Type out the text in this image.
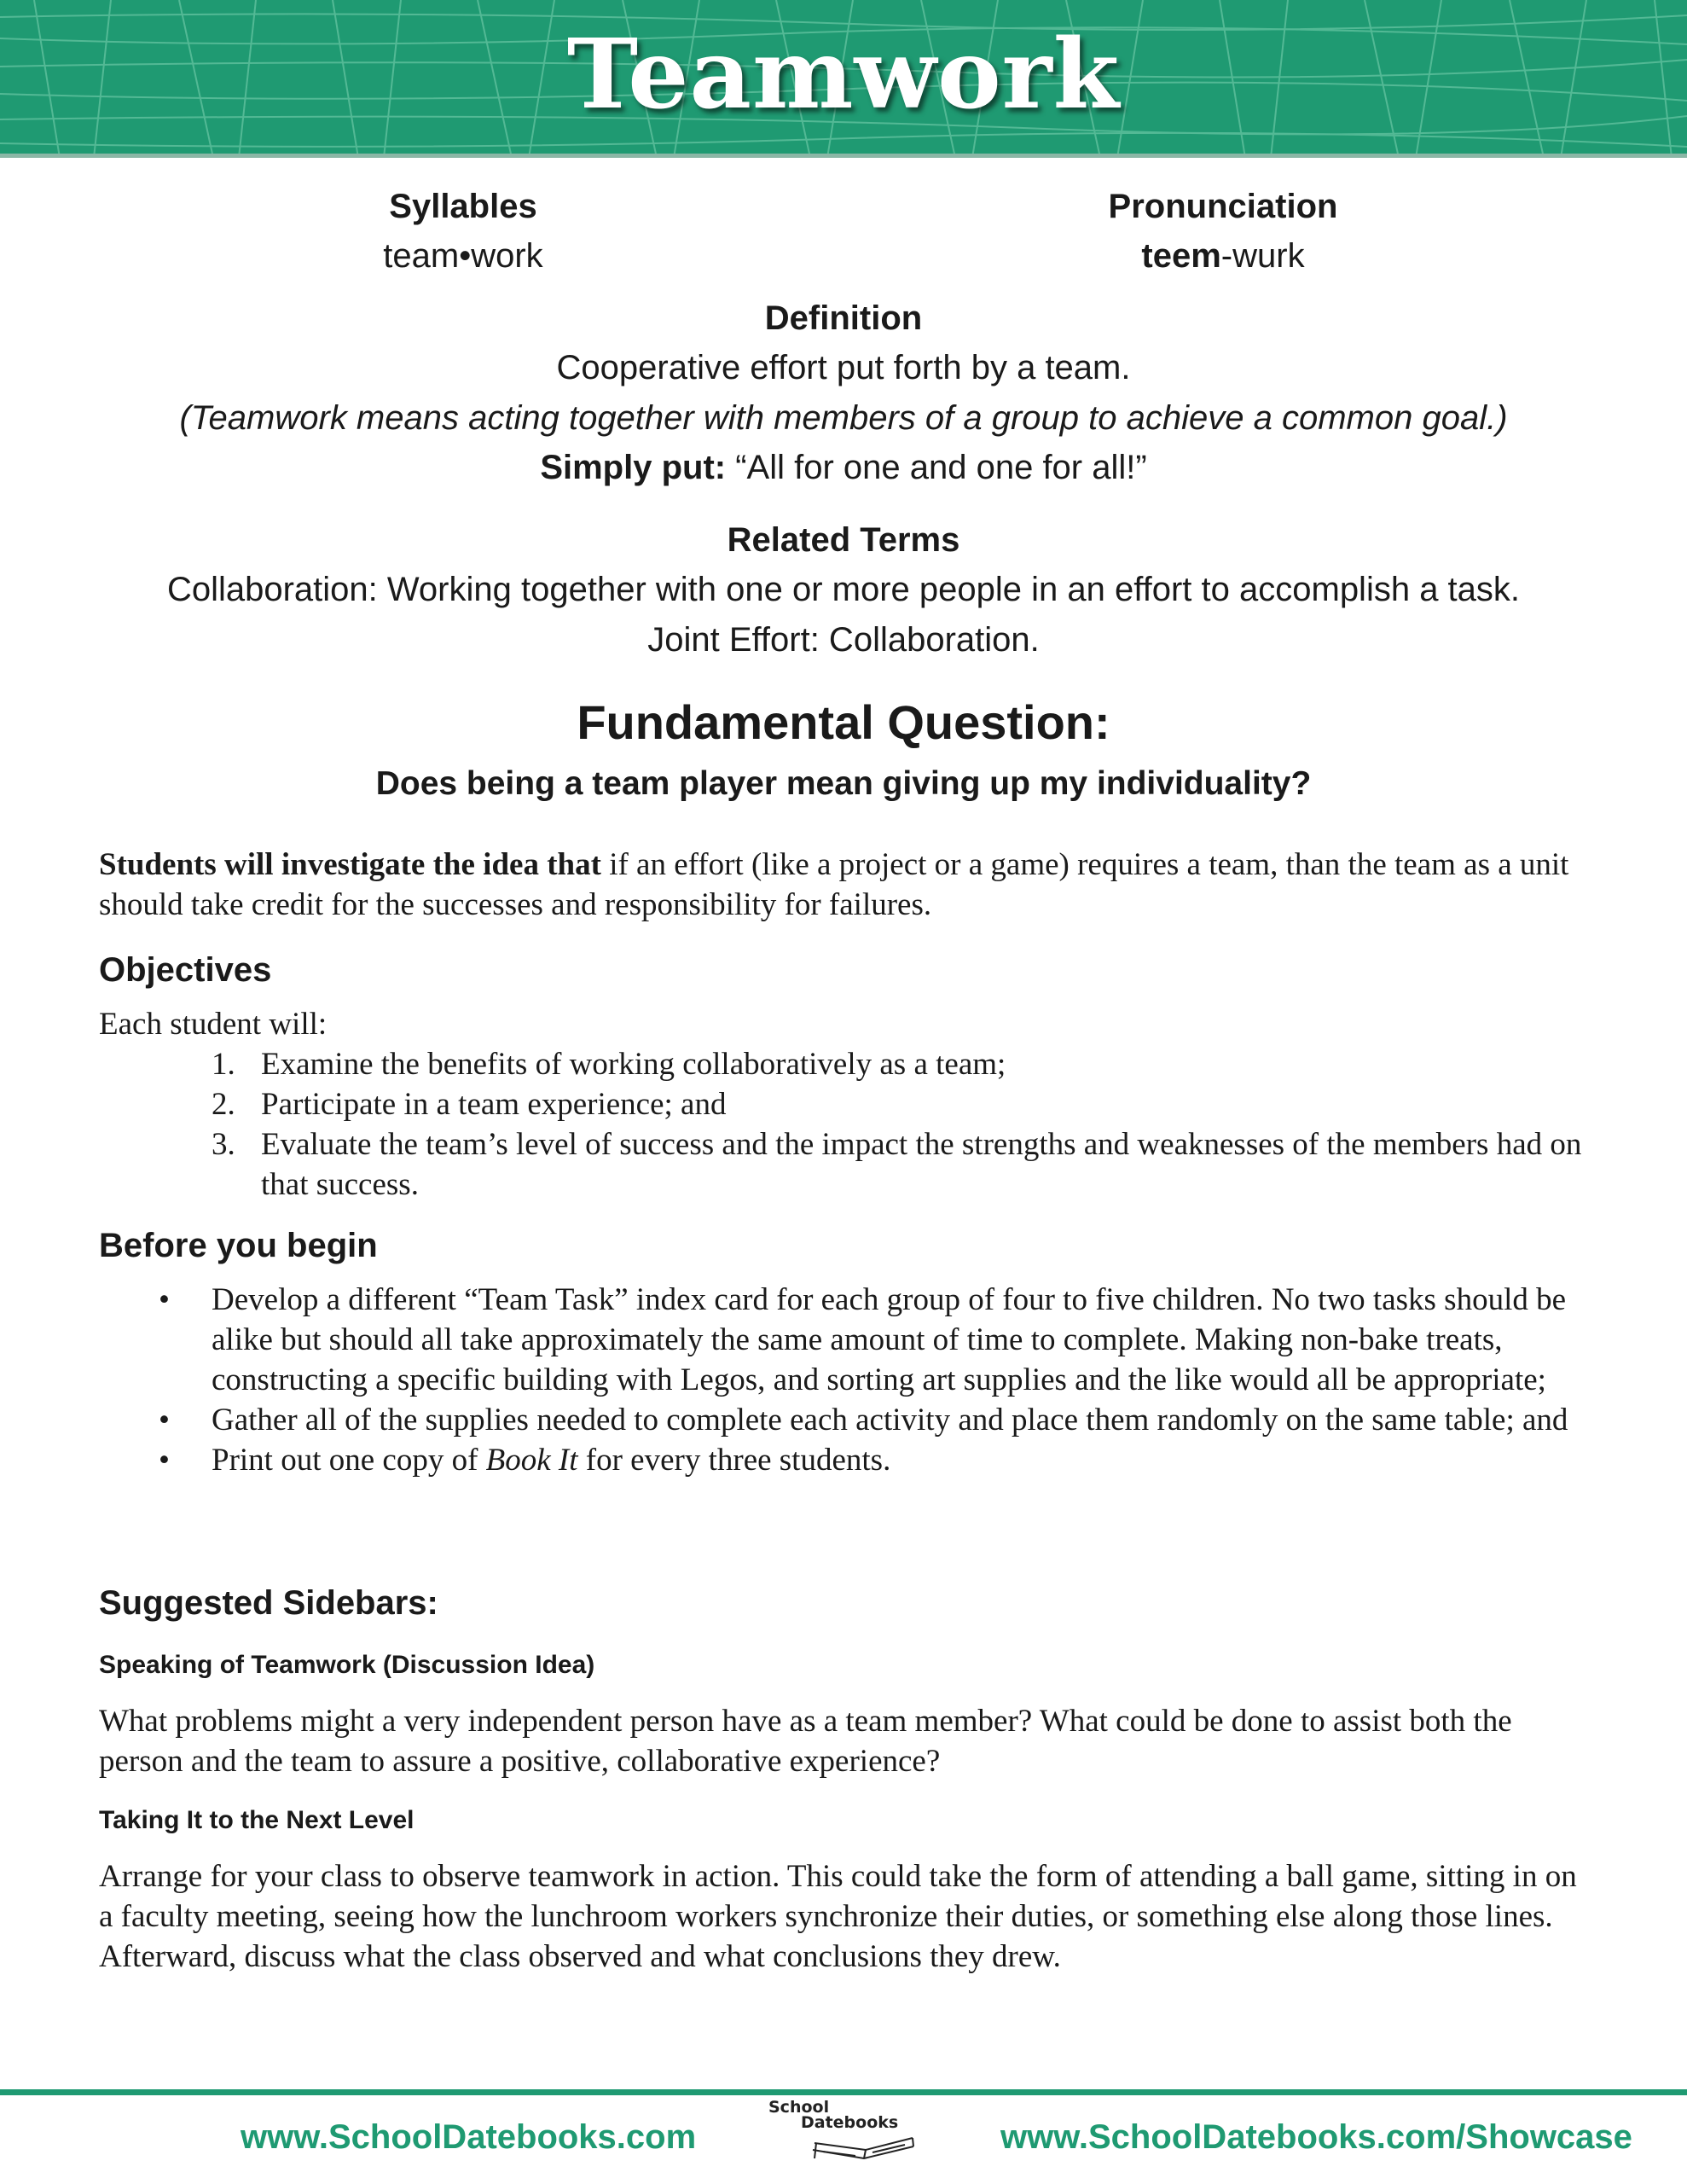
Teamwork
Syllables
team•work
Pronunciation
teem-wurk
Definition
Cooperative effort put forth by a team.
(Teamwork means acting together with members of a group to achieve a common goal.)
Simply put: “All for one and one for all!”
Related Terms
Collaboration: Working together with one or more people in an effort to accomplish a task.
Joint Effort: Collaboration.
Fundamental Question:
Does being a team player mean giving up my individuality?
Students will investigate the idea that if an effort (like a project or a game) requires a team, than the team as a unit should take credit for the successes and responsibility for failures.
Objectives
Each student will:
1. Examine the benefits of working collaboratively as a team;
2. Participate in a team experience; and
3. Evaluate the team’s level of success and the impact the strengths and weaknesses of the members had on that success.
Before you begin
• Develop a different “Team Task” index card for each group of four to five children. No two tasks should be alike but should all take approximately the same amount of time to complete. Making non-bake treats, constructing a specific building with Legos, and sorting art supplies and the like would all be appropriate;
• Gather all of the supplies needed to complete each activity and place them randomly on the same table; and
• Print out one copy of Book It for every three students.
Suggested Sidebars:
Speaking of Teamwork (Discussion Idea)
What problems might a very independent person have as a team member? What could be done to assist both the person and the team to assure a positive, collaborative experience?
Taking It to the Next Level
Arrange for your class to observe teamwork in action. This could take the form of attending a ball game, sitting in on a faculty meeting, seeing how the lunchroom workers synchronize their duties, or something else along those lines. Afterward, discuss what the class observed and what conclusions they drew.
www.SchoolDatebooks.com
School
Datebooks	www.SchoolDatebooks.com/Showcase
